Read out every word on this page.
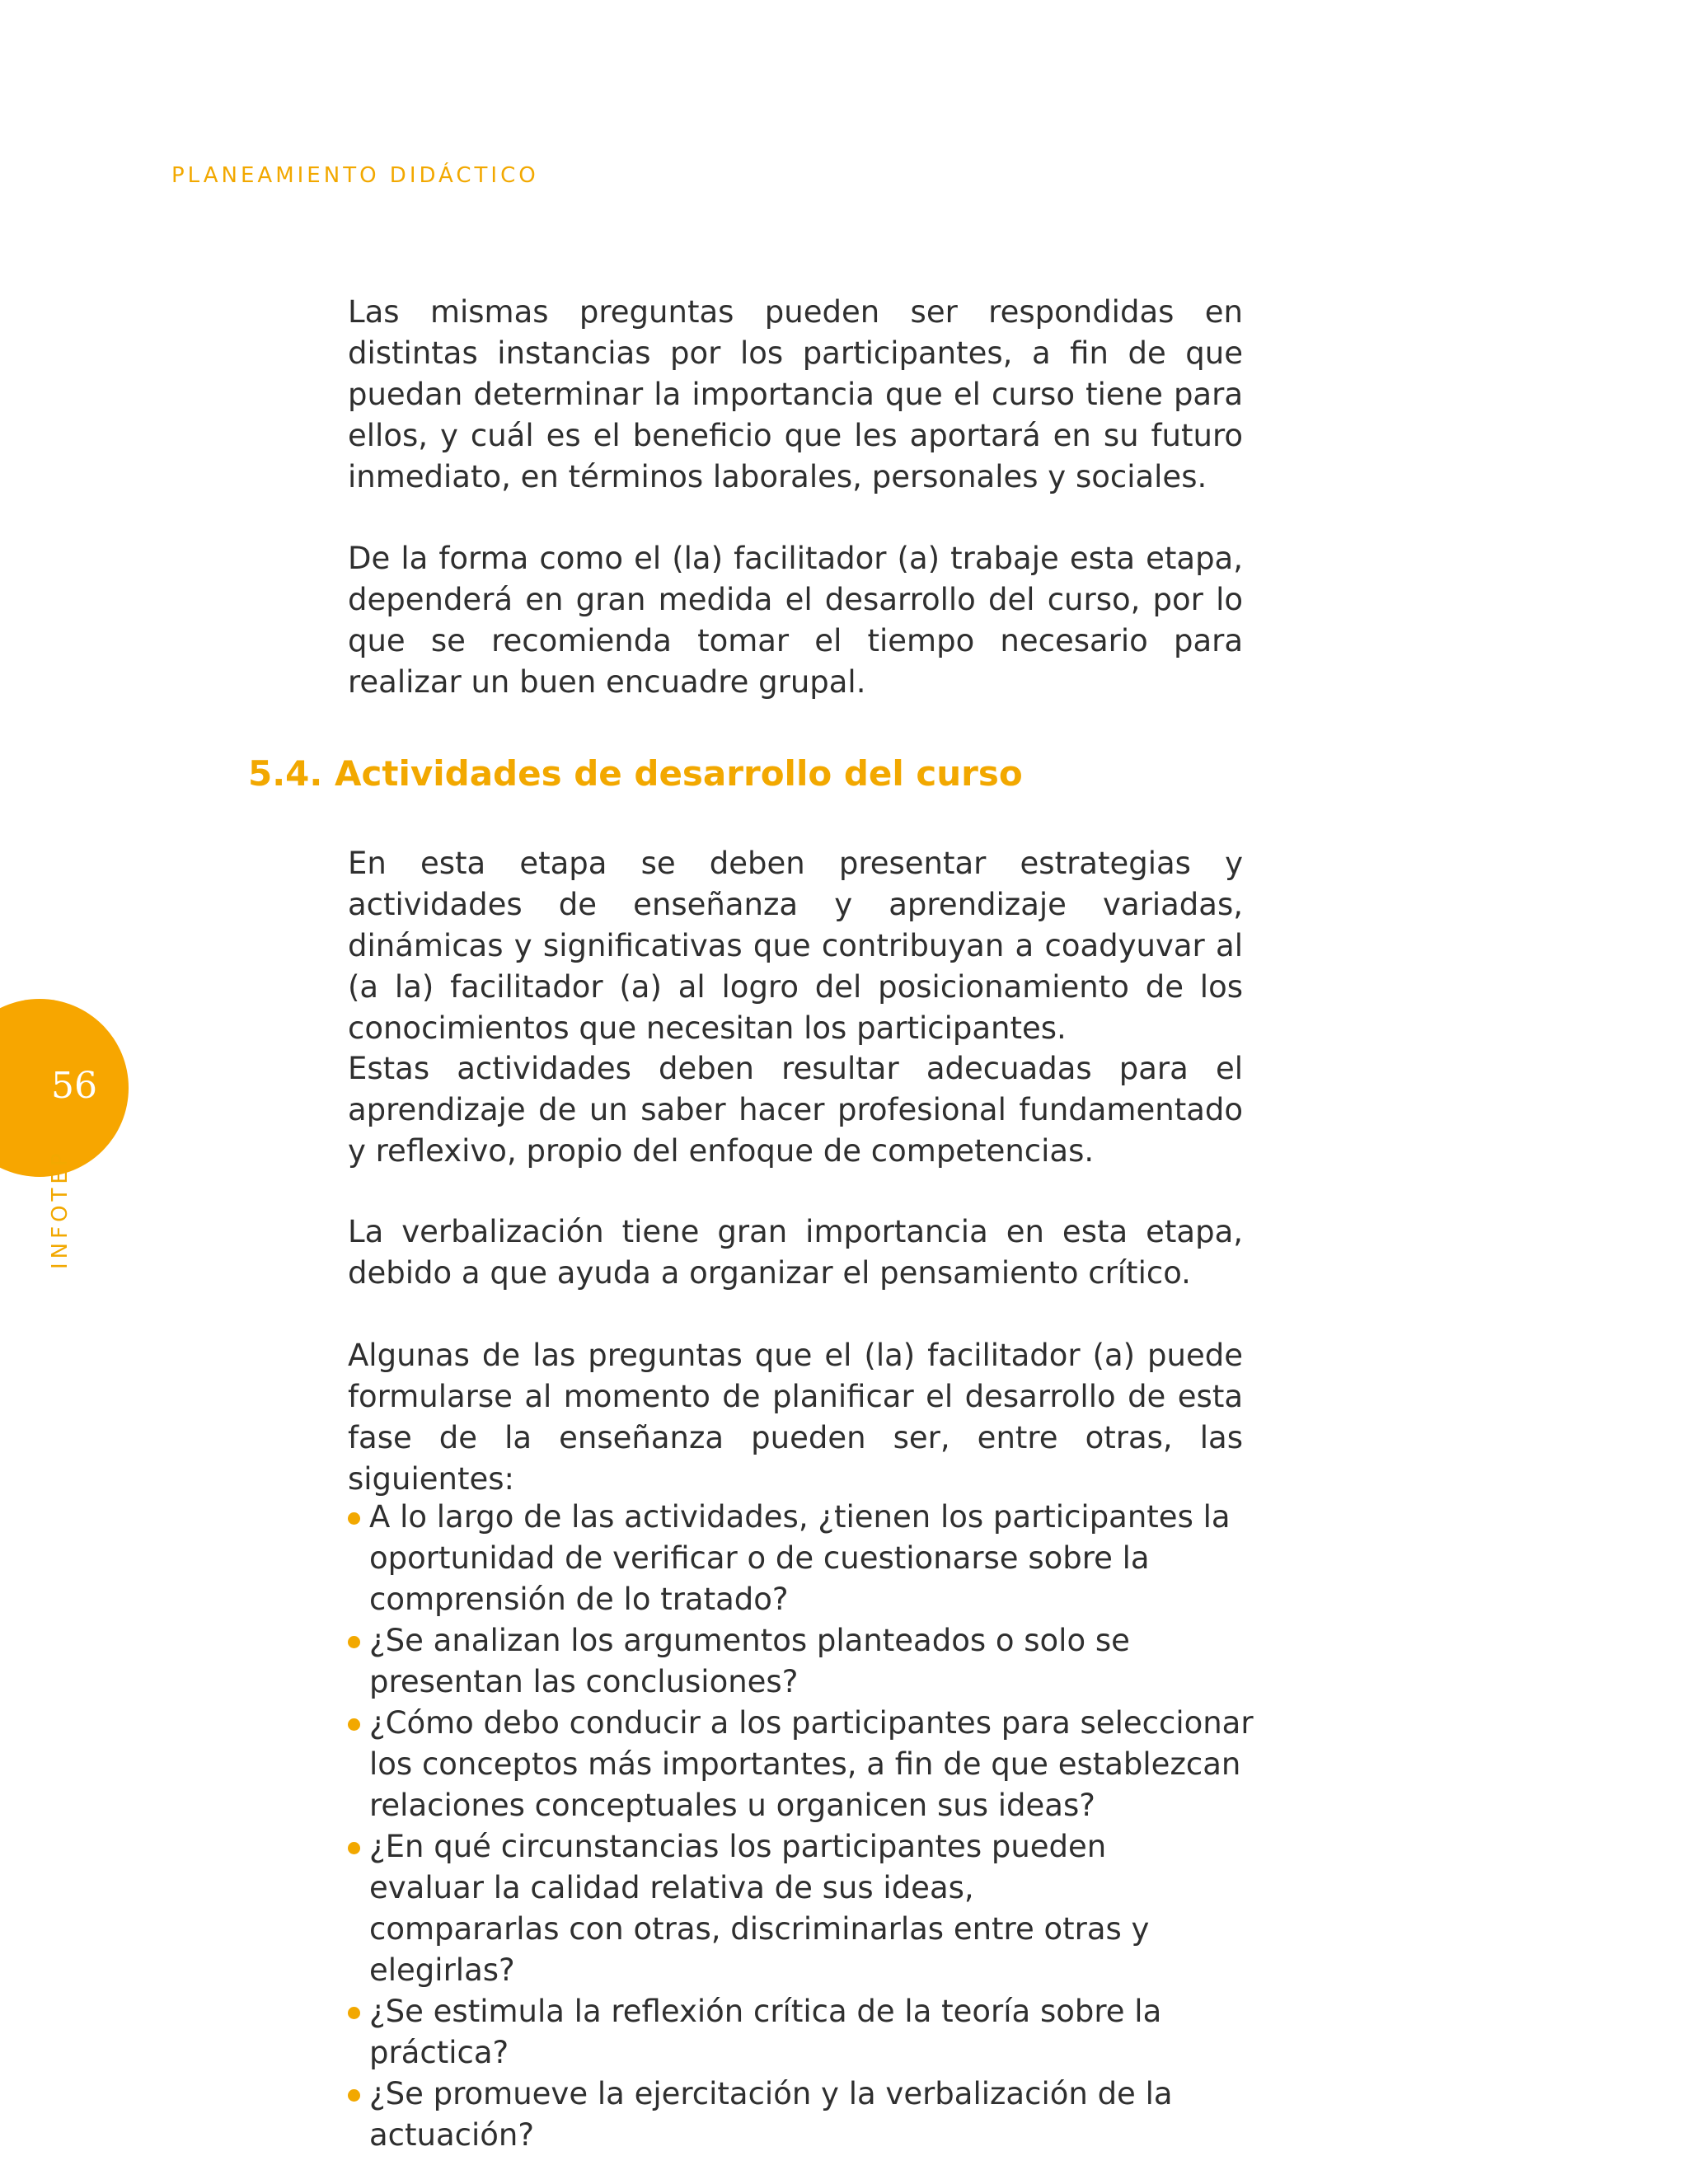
PLANEAMIENTO DIDÁCTICO

Las mismas preguntas pueden ser respondidas en distintas instancias por los participantes, a fin de que puedan determinar la importancia que el curso tiene para ellos, y cuál es el beneficio que les aportará en su futuro inmediato, en términos laborales, personales y sociales.

De la forma como el (la) facilitador (a) trabaje esta etapa, dependerá en gran medida el desarrollo del curso, por lo que se recomienda tomar el tiempo necesario para realizar un buen encuadre grupal.

5.4. Actividades de desarrollo del curso

En esta etapa se deben presentar estrategias y actividades de enseñanza y aprendizaje variadas, dinámicas y significativas que contribuyan a coadyuvar al (a la) facilitador (a) al logro del posicionamiento de los conocimientos que necesitan los participantes.

Estas actividades deben resultar adecuadas para el aprendizaje de un saber hacer profesional fundamentado y reflexivo, propio del enfoque de competencias.

La verbalización tiene gran importancia en esta etapa, debido a que ayuda a organizar el pensamiento crítico.

Algunas de las preguntas que el (la) facilitador (a) puede formularse al momento de planificar el desarrollo de esta fase de la enseñanza pueden ser, entre otras, las siguientes:

A lo largo de las actividades, ¿tienen los participantes la oportunidad de verificar o de cuestionarse sobre la comprensión de lo tratado?
¿Se analizan los argumentos planteados o solo se presentan las conclusiones?
¿Cómo debo conducir a los participantes para seleccionar los conceptos más importantes, a fin de que establezcan relaciones conceptuales u organicen sus ideas?
¿En qué circunstancias los participantes pueden evaluar la calidad relativa de sus ideas, compararlas con otras, discriminarlas entre otras y elegirlas?
¿Se estimula la reflexión crítica de la teoría sobre la práctica?
¿Se promueve la ejercitación y la verbalización de la actuación?
56
INFOTEP
